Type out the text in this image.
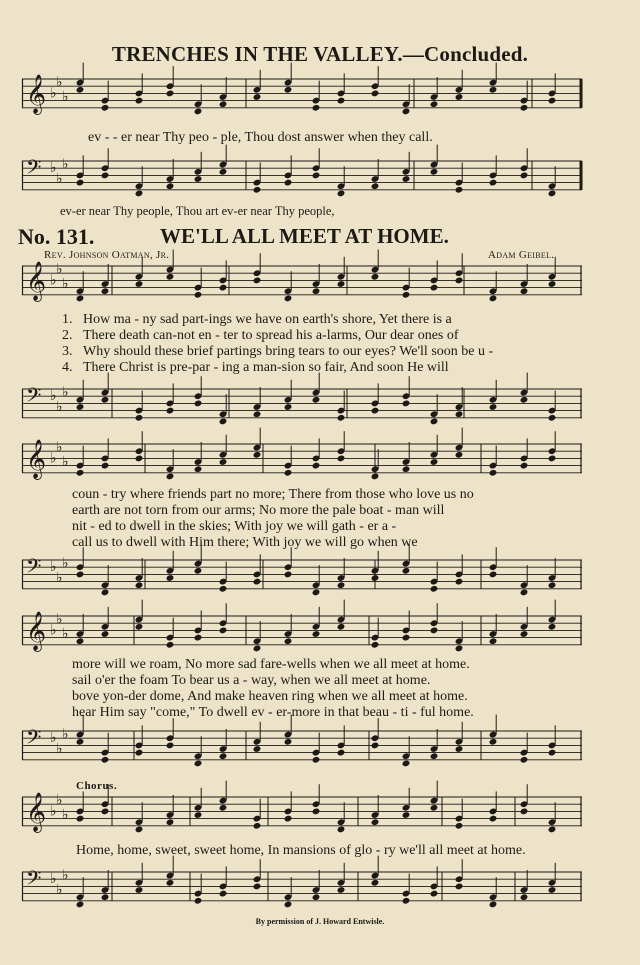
TRENCHES IN THE VALLEY.—Concluded.
𝄞 ♭
♭
♭
ev - - er near Thy peo - ple, Thou dost answer when they call.
𝄢 ♭
♭
♭
ev-er near Thy people, Thou art ev-er near Thy people,
No. 131.	WE'LL ALL MEET AT HOME.
Rev. Johnson Oatman, Jr.	Adam Geibel.
𝄞 ♭
♭
♭
1.
2.
3.
4.
How ma - ny sad part-ings we have on earth's shore, Yet there is a
There death can-not en - ter to spread his a-larms, Our dear ones of
Why should these brief partings bring tears to our eyes? We'll soon be u -
There Christ is pre-par - ing a man-sion so fair, And soon He will
𝄢 ♭
♭
♭
𝄞 ♭
♭
♭
coun - try where friends part no more; There from those who love us no
earth are not torn from our arms; No more the pale boat - man will
nit - ed to dwell in the skies; With joy we will gath - er a -
call us to dwell with Him there; With joy we will go when we
𝄢 ♭
♭
♭
𝄞 ♭
♭
♭
more will we roam, No more sad fare-wells when we all meet at home.
sail o'er the foam To bear us a - way, when we all meet at home.
bove yon-der dome, And make heaven ring when we all meet at home.
hear Him say "come," To dwell ev - er-more in that beau - ti - ful home.
𝄢 ♭
♭
♭
Chorus.
𝄞 ♭
♭
♭
Home, home, sweet, sweet home, In mansions of glo - ry we'll all meet at home.
𝄢 ♭
♭
♭
By permission of J. Howard Entwisle.
